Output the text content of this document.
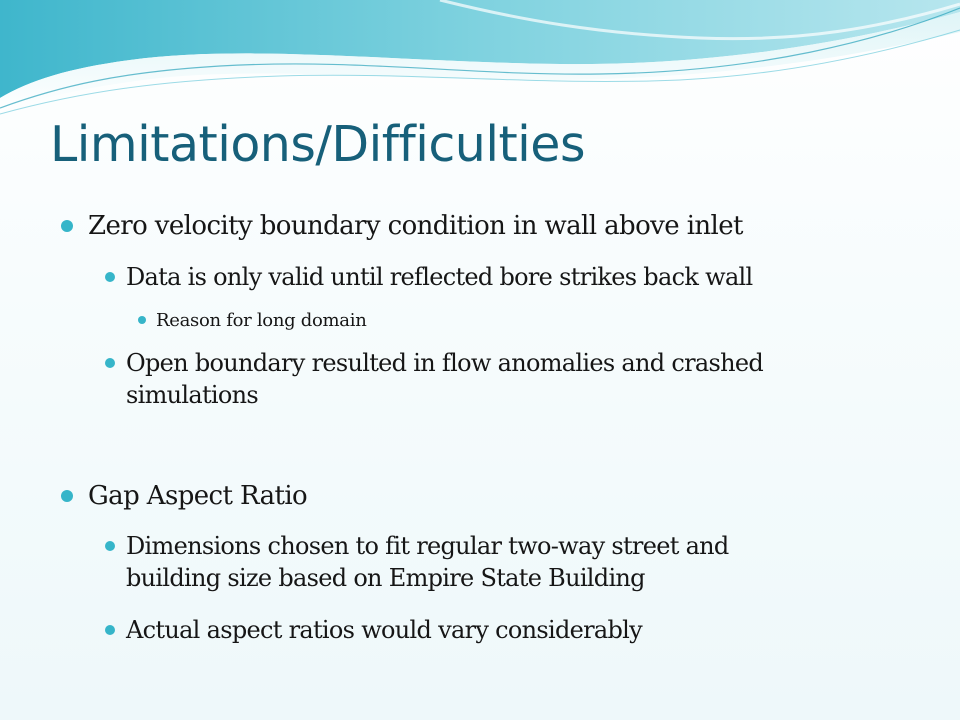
Limitations/Difficulties
Zero velocity boundary condition in wall above inlet
Data is only valid until reflected bore strikes back wall
Reason for long domain
Open boundary resulted in flow anomalies and crashed
simulations
Gap Aspect Ratio
Dimensions chosen to fit regular two-way street and
building size based on Empire State Building
Actual aspect ratios would vary considerably
